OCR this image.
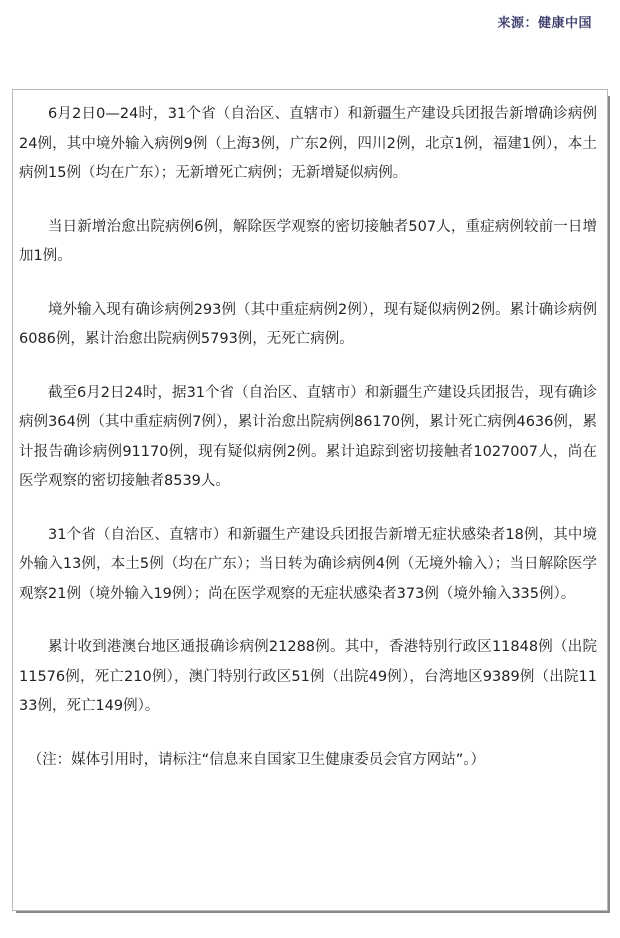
来源：健康中国

6月2日0—24时，31个省（自治区、直辖市）和新疆生产建设兵团报告新增确诊病例24例，其中境外输入病例9例（上海3例，广东2例，四川2例，北京1例，福建1例），本土病例15例（均在广东）；无新增死亡病例；无新增疑似病例。

当日新增治愈出院病例6例，解除医学观察的密切接触者507人，重症病例较前一日增加1例。

境外输入现有确诊病例293例（其中重症病例2例），现有疑似病例2例。累计确诊病例6086例，累计治愈出院病例5793例，无死亡病例。

截至6月2日24时，据31个省（自治区、直辖市）和新疆生产建设兵团报告，现有确诊病例364例（其中重症病例7例），累计治愈出院病例86170例，累计死亡病例4636例，累计报告确诊病例91170例，现有疑似病例2例。累计追踪到密切接触者1027007人，尚在医学观察的密切接触者8539人。

31个省（自治区、直辖市）和新疆生产建设兵团报告新增无症状感染者18例，其中境外输入13例，本土5例（均在广东）；当日转为确诊病例4例（无境外输入）；当日解除医学观察21例（境外输入19例）；尚在医学观察的无症状感染者373例（境外输入335例）。

累计收到港澳台地区通报确诊病例21288例。其中，香港特别行政区11848例（出院11576例，死亡210例），澳门特别行政区51例（出院49例），台湾地区9389例（出院1133例，死亡149例）。

（注：媒体引用时，请标注“信息来自国家卫生健康委员会官方网站”。）
